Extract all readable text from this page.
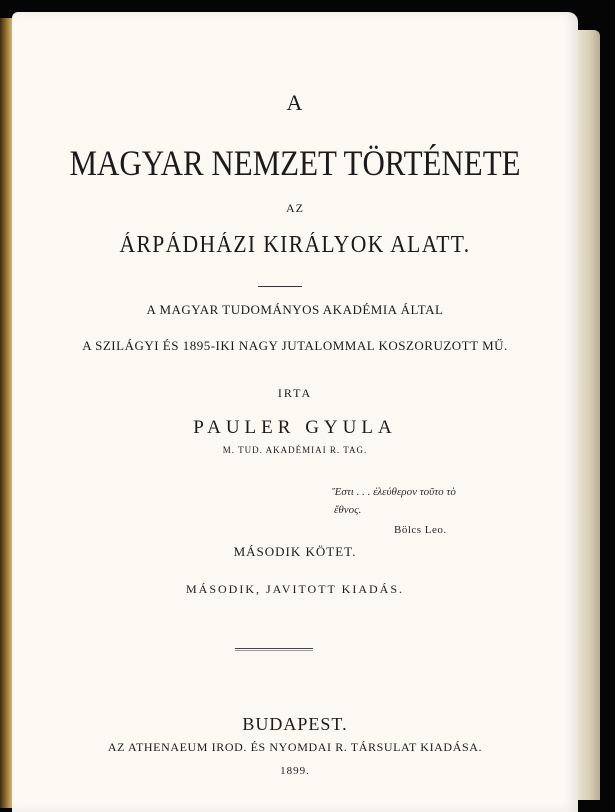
A
MAGYAR NEMZET TÖRTÉNETE
AZ
ÁRPÁDHÁZI KIRÁLYOK ALATT.
A MAGYAR TUDOMÁNYOS AKADÉMIA ÁLTAL
A SZILÁGYI ÉS 1895-IKI NAGY JUTALOMMAL KOSZORUZOTT MŰ.
IRTA
PAULER GYULA
M. TUD. AKADÉMIAI R. TAG.
Ἔστι . . . ἐλεύθερον τοῦτο τὸ
ἔθνος.
Bölcs Leo.
MÁSODIK KÖTET.
MÁSODIK, JAVITOTT KIADÁS.
BUDAPEST.
AZ ATHENAEUM IROD. ÉS NYOMDAI R. TÁRSULAT KIADÁSA.
1899.
